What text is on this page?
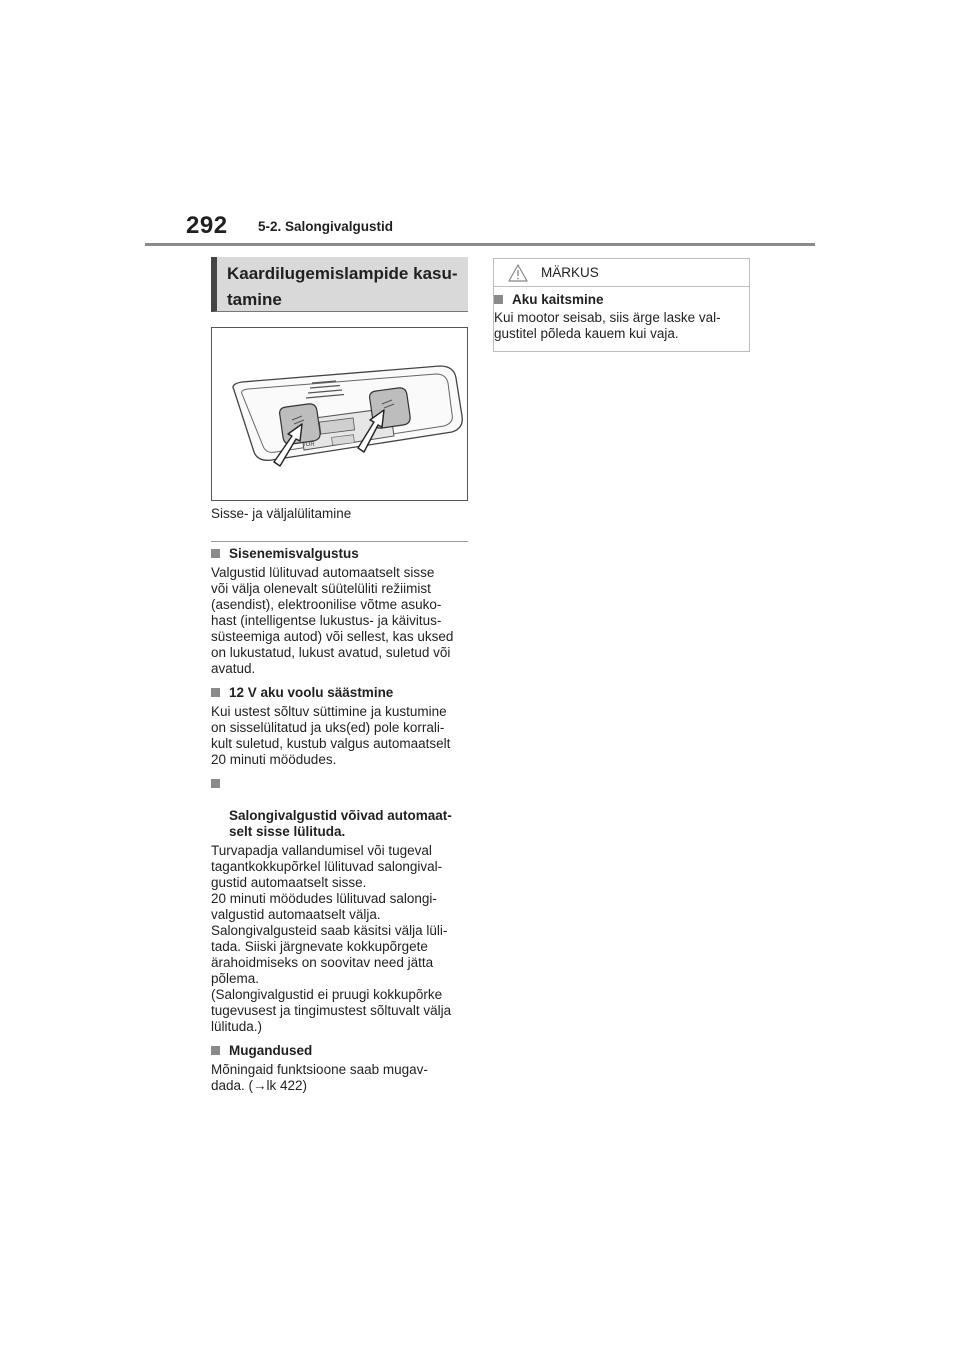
292 5-2. Salongivalgustid
Kaardilugemislampide kasu-tamine
/OR
Sisse- ja väljalülitamine
Sisenemisvalgustus
Valgustid lülituvad automaatselt sisse
või välja olenevalt süütelüliti režiimist
(asendist), elektroonilise võtme asuko-
hast (intelligentse lukustus- ja käivitus-
süsteemiga autod) või sellest, kas uksed
on lukustatud, lukust avatud, suletud või
avatud.
12 V aku voolu säästmine
Kui ustest sõltuv süttimine ja kustumine
on sisselülitatud ja uks(ed) pole korrali-
kult suletud, kustub valgus automaatselt
20 minuti möödudes.

Salongivalgustid võivad automaat-
selt sisse lülituda.

Turvapadja vallandumisel või tugeval
tagantkokkupõrkel lülituvad salongival-
gustid automaatselt sisse.
20 minuti möödudes lülituvad salongi-
valgustid automaatselt välja.
Salongivalgusteid saab käsitsi välja lüli-
tada. Siiski järgnevate kokkupõrgete
ärahoidmiseks on soovitav need jätta
põlema.
(Salongivalgustid ei pruugi kokkupõrke
tugevusest ja tingimustest sõltuvalt välja
lülituda.)
Mugandused
Mõningaid funktsioone saab mugav-
dada. (→lk 422)
MÄRKUS
Aku kaitsmine
Kui mootor seisab, siis ärge laske val-
gustitel põleda kauem kui vaja.
